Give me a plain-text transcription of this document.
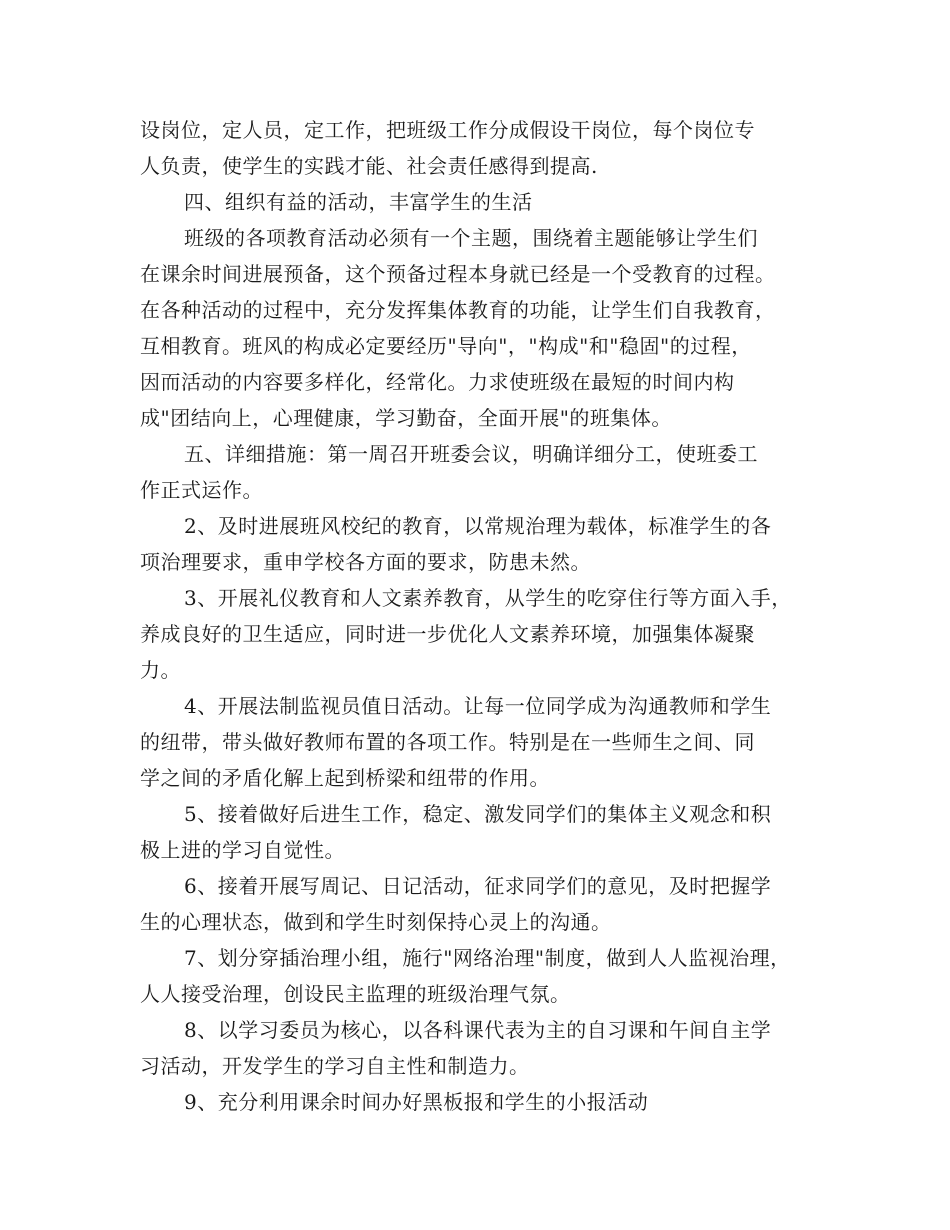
设岗位，定人员，定工作，把班级工作分成假设干岗位，每个岗位专
人负责，使学生的实践才能、社会责任感得到提高.
四、组织有益的活动，丰富学生的生活
班级的各项教育活动必须有一个主题，围绕着主题能够让学生们
在课余时间进展预备，这个预备过程本身就已经是一个受教育的过程。
在各种活动的过程中，充分发挥集体教育的功能，让学生们自我教育，
互相教育。班风的构成必定要经历"导向"，"构成"和"稳固"的过程，
因而活动的内容要多样化，经常化。力求使班级在最短的时间内构
成"团结向上，心理健康，学习勤奋，全面开展"的班集体。
五、详细措施：第一周召开班委会议，明确详细分工，使班委工
作正式运作。
2、及时进展班风校纪的教育，以常规治理为载体，标准学生的各
项治理要求，重申学校各方面的要求，防患未然。
3、开展礼仪教育和人文素养教育，从学生的吃穿住行等方面入手，
养成良好的卫生适应，同时进一步优化人文素养环境，加强集体凝聚
力。
4、开展法制监视员值日活动。让每一位同学成为沟通教师和学生
的纽带，带头做好教师布置的各项工作。特别是在一些师生之间、同
学之间的矛盾化解上起到桥梁和纽带的作用。
5、接着做好后进生工作，稳定、激发同学们的集体主义观念和积
极上进的学习自觉性。
6、接着开展写周记、日记活动，征求同学们的意见，及时把握学
生的心理状态，做到和学生时刻保持心灵上的沟通。
7、划分穿插治理小组，施行"网络治理"制度，做到人人监视治理，
人人接受治理，创设民主监理的班级治理气氛。
8、以学习委员为核心，以各科课代表为主的自习课和午间自主学
习活动，开发学生的学习自主性和制造力。
9、充分利用课余时间办好黑板报和学生的小报活动
